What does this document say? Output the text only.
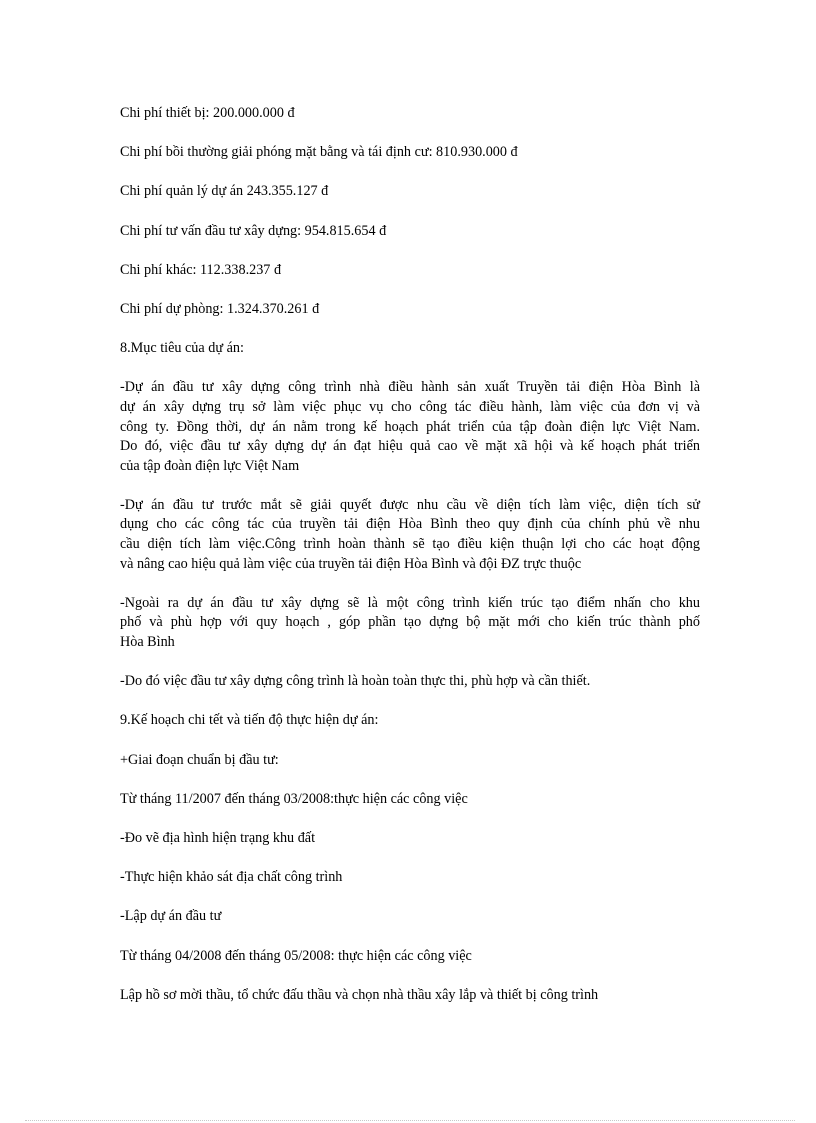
Chi phí thiết bị: 200.000.000 đ

Chi phí bồi thường giải phóng mặt bằng và tái định cư: 810.930.000 đ

Chi phí quản lý dự án 243.355.127 đ

Chi phí tư vấn đầu tư xây dựng: 954.815.654 đ

Chi phí khác: 112.338.237 đ

Chi phí dự phòng: 1.324.370.261 đ

8.Mục tiêu của dự án:

-Dự án đầu tư xây dựng công trình nhà điều hành sản xuất Truyền tải điện Hòa Bình là
dự án xây dựng trụ sở làm việc phục vụ cho công tác điều hành, làm việc của đơn vị và
công ty. Đồng thời, dự án nằm trong kế hoạch phát triển của tập đoàn điện lực Việt Nam.
Do đó, việc đầu tư xây dựng dự án đạt hiệu quả cao về mặt xã hội và kế hoạch phát triển
của tập đoàn điện lực Việt Nam

-Dự án đầu tư trước mắt sẽ giải quyết được nhu cầu về diện tích làm việc, diện tích sử
dụng cho các công tác của truyền tải điện Hòa Bình theo quy định của chính phủ về nhu
cầu diện tích làm việc.Công trình hoàn thành sẽ tạo điều kiện thuận lợi cho các hoạt động
và nâng cao hiệu quả làm việc của truyền tải điện Hòa Bình và đội ĐZ trực thuộc

-Ngoài ra dự án đầu tư xây dựng sẽ là một công trình kiến trúc tạo điểm nhấn cho khu
phố và phù hợp với quy hoạch , góp phần tạo dựng bộ mặt mới cho kiến trúc thành phố
Hòa Bình

-Do đó việc đầu tư xây dựng công trình là hoàn toàn thực thi, phù hợp và cần thiết.

9.Kế hoạch chi tết và tiến độ thực hiện dự án:

+Giai đoạn chuẩn bị đầu tư:

Từ tháng 11/2007 đến tháng 03/2008:thực hiện các công việc

-Đo vẽ địa hình hiện trạng khu đất

-Thực hiện khảo sát địa chất công trình

-Lập dự án đầu tư

Từ tháng 04/2008 đến tháng 05/2008: thực hiện các công việc

Lập hồ sơ mời thầu, tổ chức đấu thầu và chọn nhà thầu xây lắp và thiết bị công trình
